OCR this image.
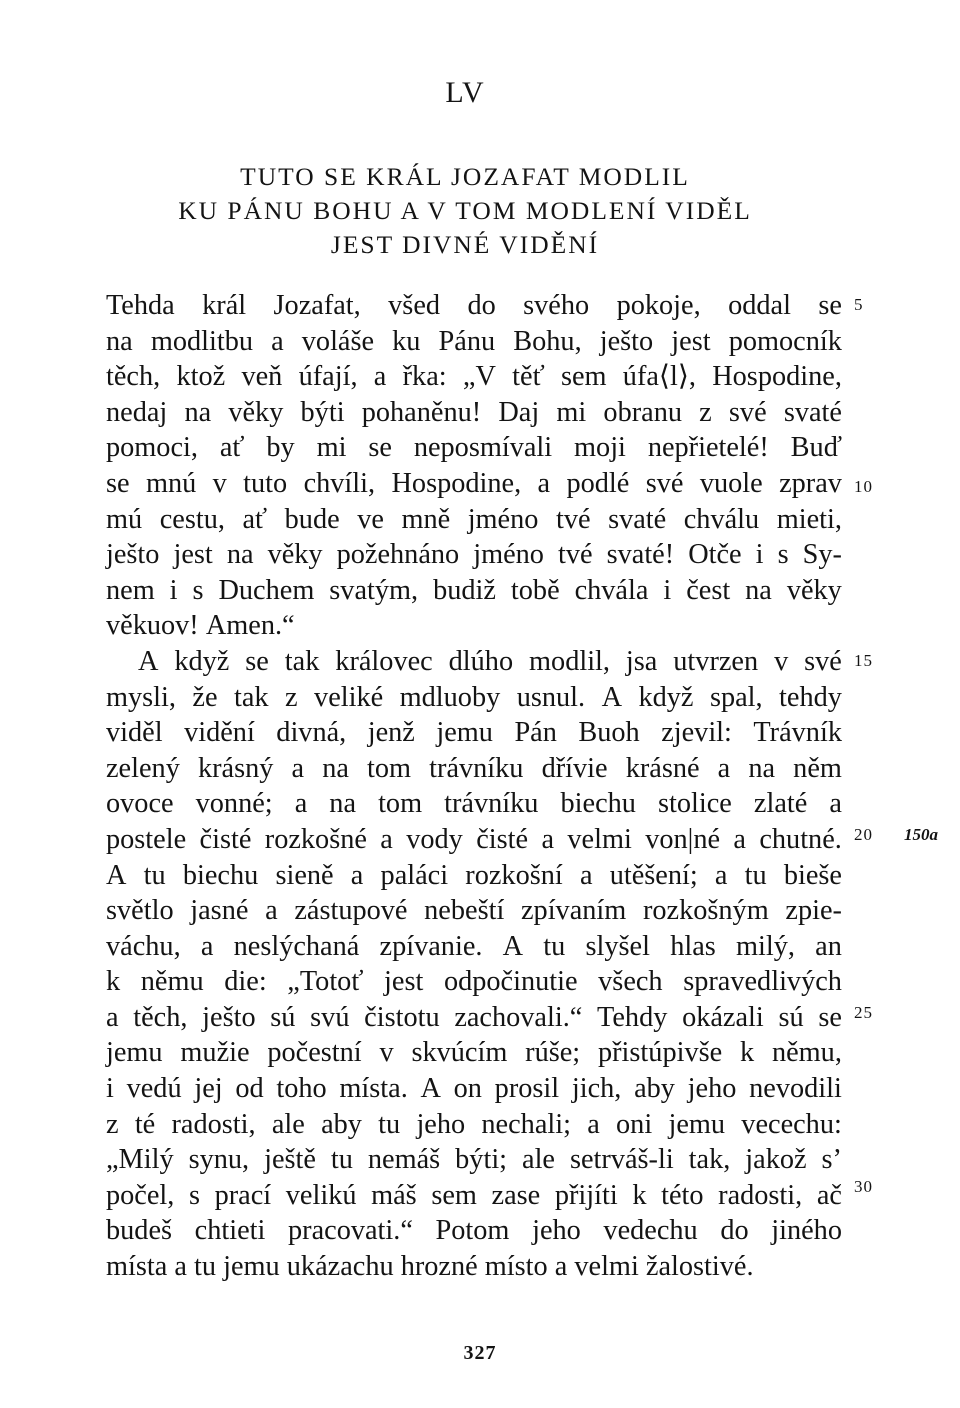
LV
TUTO SE KRÁL JOZAFAT MODLIL
KU PÁNU BOHU A V TOM MODLENÍ VIDĚL
JEST DIVNÉ VIDĚNÍ
Tehda král Jozafat, všed do svého pokoje, oddal se
na modlitbu a voláše ku Pánu Bohu, ješto jest pomocník
těch, ktož veň úfají, a řka: „V těť sem úfa⟨l⟩, Hospodine,
nedaj na věky býti pohaněnu! Daj mi obranu z své svaté
pomoci, ať by mi se neposmívali moji nepřietelé! Buď
se mnú v tuto chvíli, Hospodine, a podlé své vuole zprav
mú cestu, ať bude ve mně jméno tvé svaté chválu mieti,
ješto jest na věky požehnáno jméno tvé svaté! Otče i s Sy-
nem i s Duchem svatým, budiž tobě chvála i čest na věky
věkuov! Amen.“
A když se tak královec dlúho modlil, jsa utvrzen v své
mysli, že tak z veliké mdluoby usnul. A když spal, tehdy
viděl vidění divná, jenž jemu Pán Buoh zjevil: Trávník
zelený krásný a na tom trávníku dřívie krásné a na něm
ovoce vonné; a na tom trávníku biechu stolice zlaté a
postele čisté rozkošné a vody čisté a velmi von|né a chutné.
A tu biechu sieně a paláci rozkošní a utěšení; a tu bieše
světlo jasné a zástupové nebeští zpívaním rozkošným zpie-
váchu, a neslýchaná zpívanie. A tu slyšel hlas milý, an
k němu die: „Totoť jest odpočinutie všech spravedlivých
a těch, ješto sú svú čistotu zachovali.“ Tehdy okázali sú se
jemu mužie počestní v skvúcím rúše; přistúpivše k němu,
i vedú jej od toho místa. A on prosil jich, aby jeho nevodili
z té radosti, ale aby tu jeho nechali; a oni jemu vecechu:
„Milý synu, ještě tu nemáš býti; ale setrváš-li tak, jakož s’
počel, s prací velikú máš sem zase přijíti k této radosti, ač
budeš chtieti pracovati.“ Potom jeho vedechu do jiného
místa a tu jemu ukázachu hrozné místo a velmi žalostivé.
5
10
15
20
25
30
150a
327
